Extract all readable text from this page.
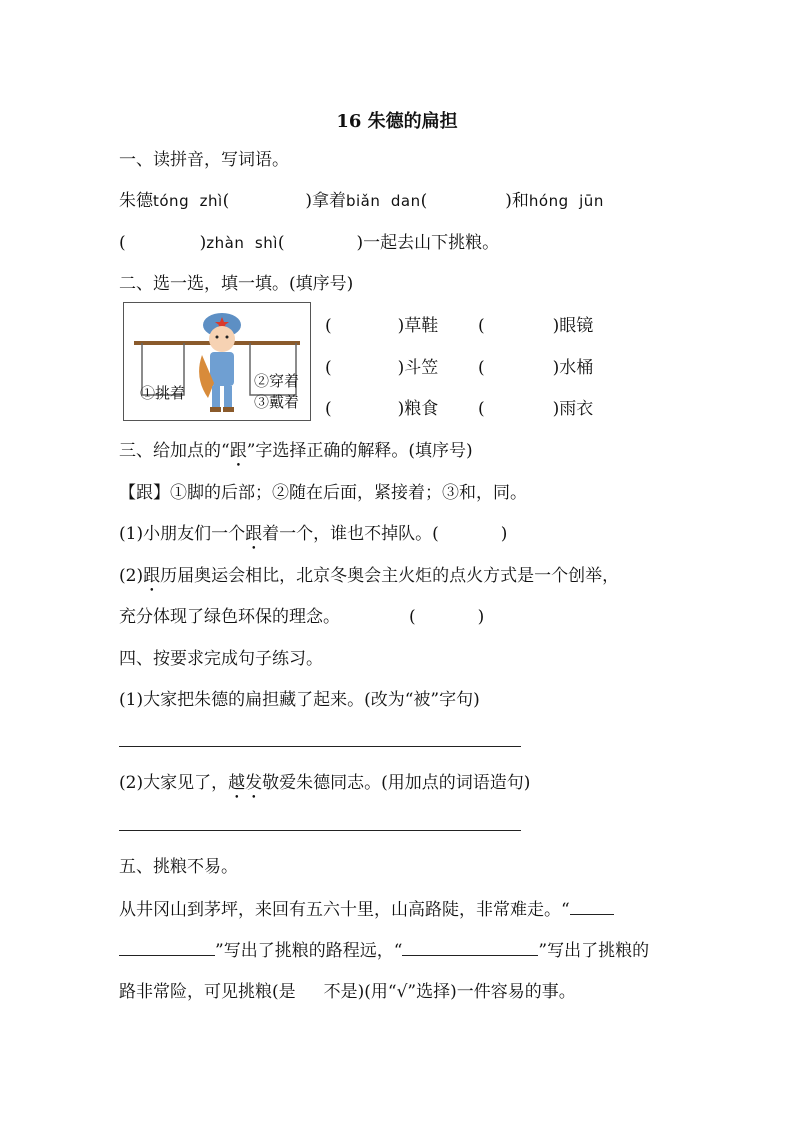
16 朱德的扁担
一、读拼音，写词语。
朱德tóng  zhì(	)拿着biǎn  dan(	)和hóng  jūn
(	)zhàn  shì(	)一起去山下挑粮。
二、选一选，填一填。(填序号)
①挑着
②穿着
③戴着
(	)草鞋 (	)眼镜
(	)斗笠 (	)水桶
(	)粮食 (	)雨衣
三、给加点的“跟”字选择正确的解释。(填序号)
【跟】①脚的后部；②随在后面，紧接着；③和，同。
(1)小朋友们一个跟着一个，谁也不掉队。(	)
(2)跟历届奥运会相比，北京冬奥会主火炬的点火方式是一个创举，
充分体现了绿色环保的理念。	(	)
四、按要求完成句子练习。
(1)大家把朱德的扁担藏了起来。(改为“被”字句)
(2)大家见了，越发敬爱朱德同志。(用加点的词语造句)
五、挑粮不易。
从井冈山到茅坪，来回有五六十里，山高路陡，非常难走。“
”写出了挑粮的路程远，“	”写出了挑粮的
路非常险，可见挑粮(是 不是)(用“√”选择)一件容易的事。
